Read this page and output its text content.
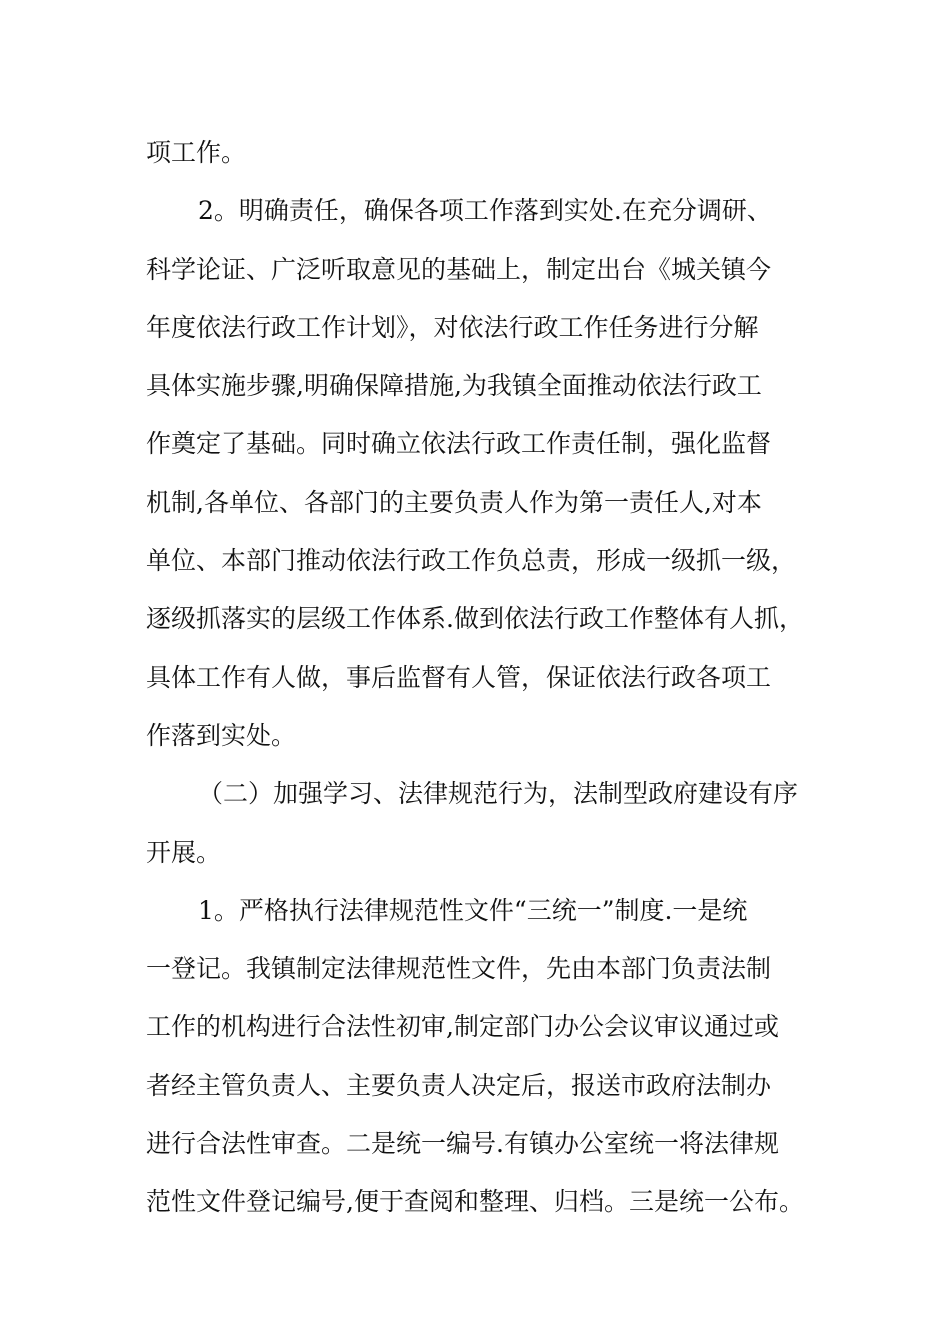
项工作。
2。明确责任，确保各项工作落到实处.在充分调研、
科学论证、广泛听取意见的基础上，制定出台《城关镇今
年度依法行政工作计划》，对依法行政工作任务进行分解
具体实施步骤,明确保障措施,为我镇全面推动依法行政工
作奠定了基础。同时确立依法行政工作责任制，强化监督
机制,各单位、各部门的主要负责人作为第一责任人,对本
单位、本部门推动依法行政工作负总责，形成一级抓一级，
逐级抓落实的层级工作体系.做到依法行政工作整体有人抓，
具体工作有人做，事后监督有人管，保证依法行政各项工
作落到实处。
（二）加强学习、法律规范行为，法制型政府建设有序
开展。
1。严格执行法律规范性文件“三统一”制度.一是统
一登记。我镇制定法律规范性文件，先由本部门负责法制
工作的机构进行合法性初审,制定部门办公会议审议通过或
者经主管负责人、主要负责人决定后，报送市政府法制办
进行合法性审查。二是统一编号.有镇办公室统一将法律规
范性文件登记编号,便于查阅和整理、归档。三是统一公布。
